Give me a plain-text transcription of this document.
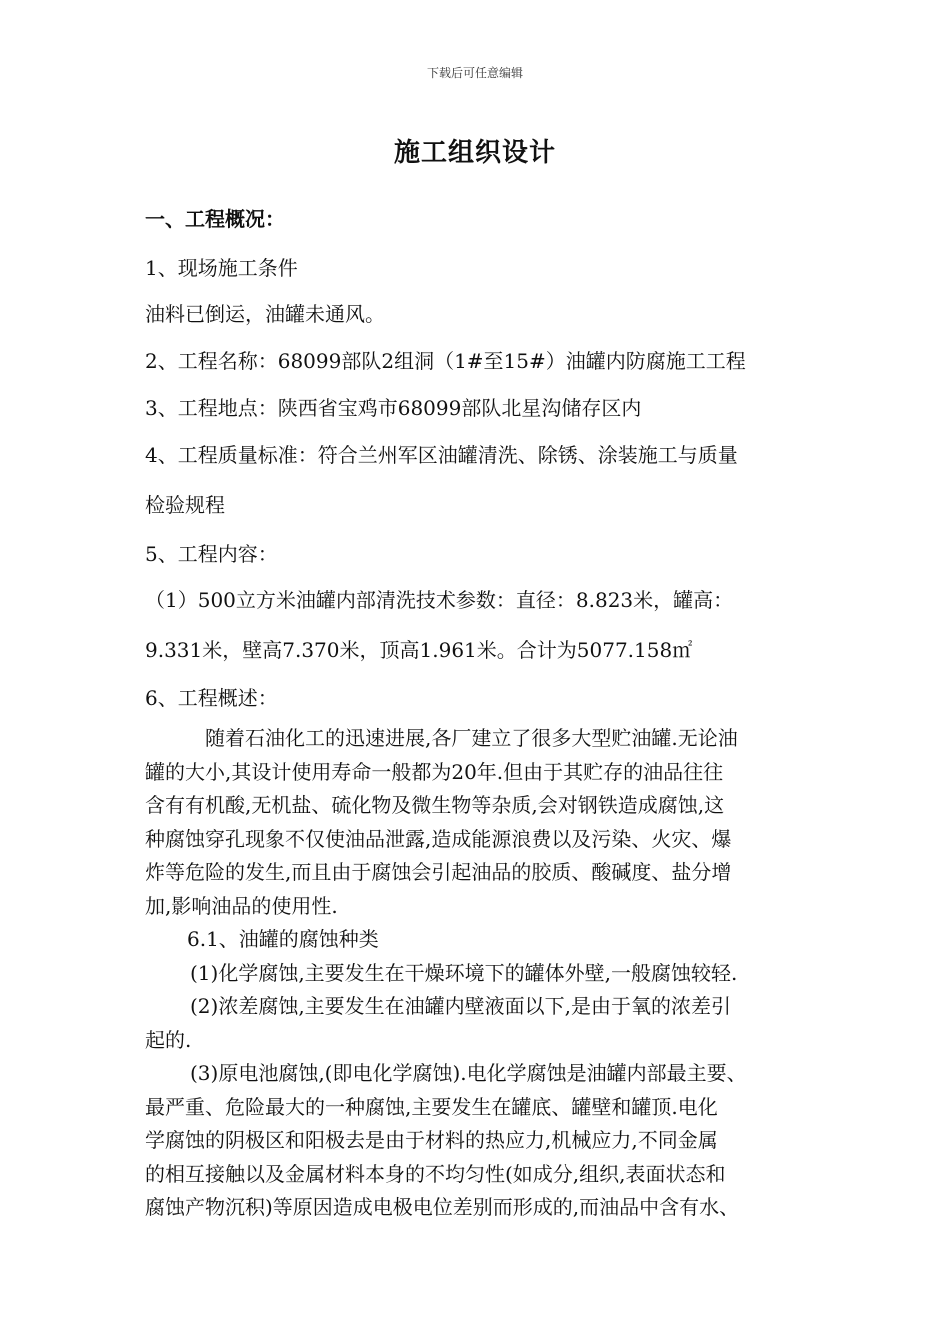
下载后可任意编辑
施工组织设计
一、工程概况：
1、现场施工条件
油料已倒运，油罐未通风。
2、工程名称：68099部队2组洞（1#至15#）油罐内防腐施工工程
3、工程地点：陕西省宝鸡市68099部队北星沟储存区内
4、工程质量标准：符合兰州军区油罐清洗、除锈、涂装施工与质量
检验规程
5、工程内容：
（1）500立方米油罐内部清洗技术参数：直径：8.823米，罐高：
9.331米，壁高7.370米，顶高1.961米。合计为5077.158㎡
6、工程概述：
随着石油化工的迅速进展,各厂建立了很多大型贮油罐.无论油
罐的大小,其设计使用寿命一般都为20年.但由于其贮存的油品往往
含有有机酸,无机盐、硫化物及微生物等杂质,会对钢铁造成腐蚀,这
种腐蚀穿孔现象不仅使油品泄露,造成能源浪费以及污染、火灾、爆
炸等危险的发生,而且由于腐蚀会引起油品的胶质、酸碱度、盐分增
加,影响油品的使用性.
6.1、油罐的腐蚀种类
(1)化学腐蚀,主要发生在干燥环境下的罐体外壁,一般腐蚀较轻.
(2)浓差腐蚀,主要发生在油罐内壁液面以下,是由于氧的浓差引
起的.
(3)原电池腐蚀,(即电化学腐蚀).电化学腐蚀是油罐内部最主要、
最严重、危险最大的一种腐蚀,主要发生在罐底、罐壁和罐顶.电化
学腐蚀的阴极区和阳极去是由于材料的热应力,机械应力,不同金属
的相互接触以及金属材料本身的不均匀性(如成分,组织,表面状态和
腐蚀产物沉积)等原因造成电极电位差别而形成的,而油品中含有水、
